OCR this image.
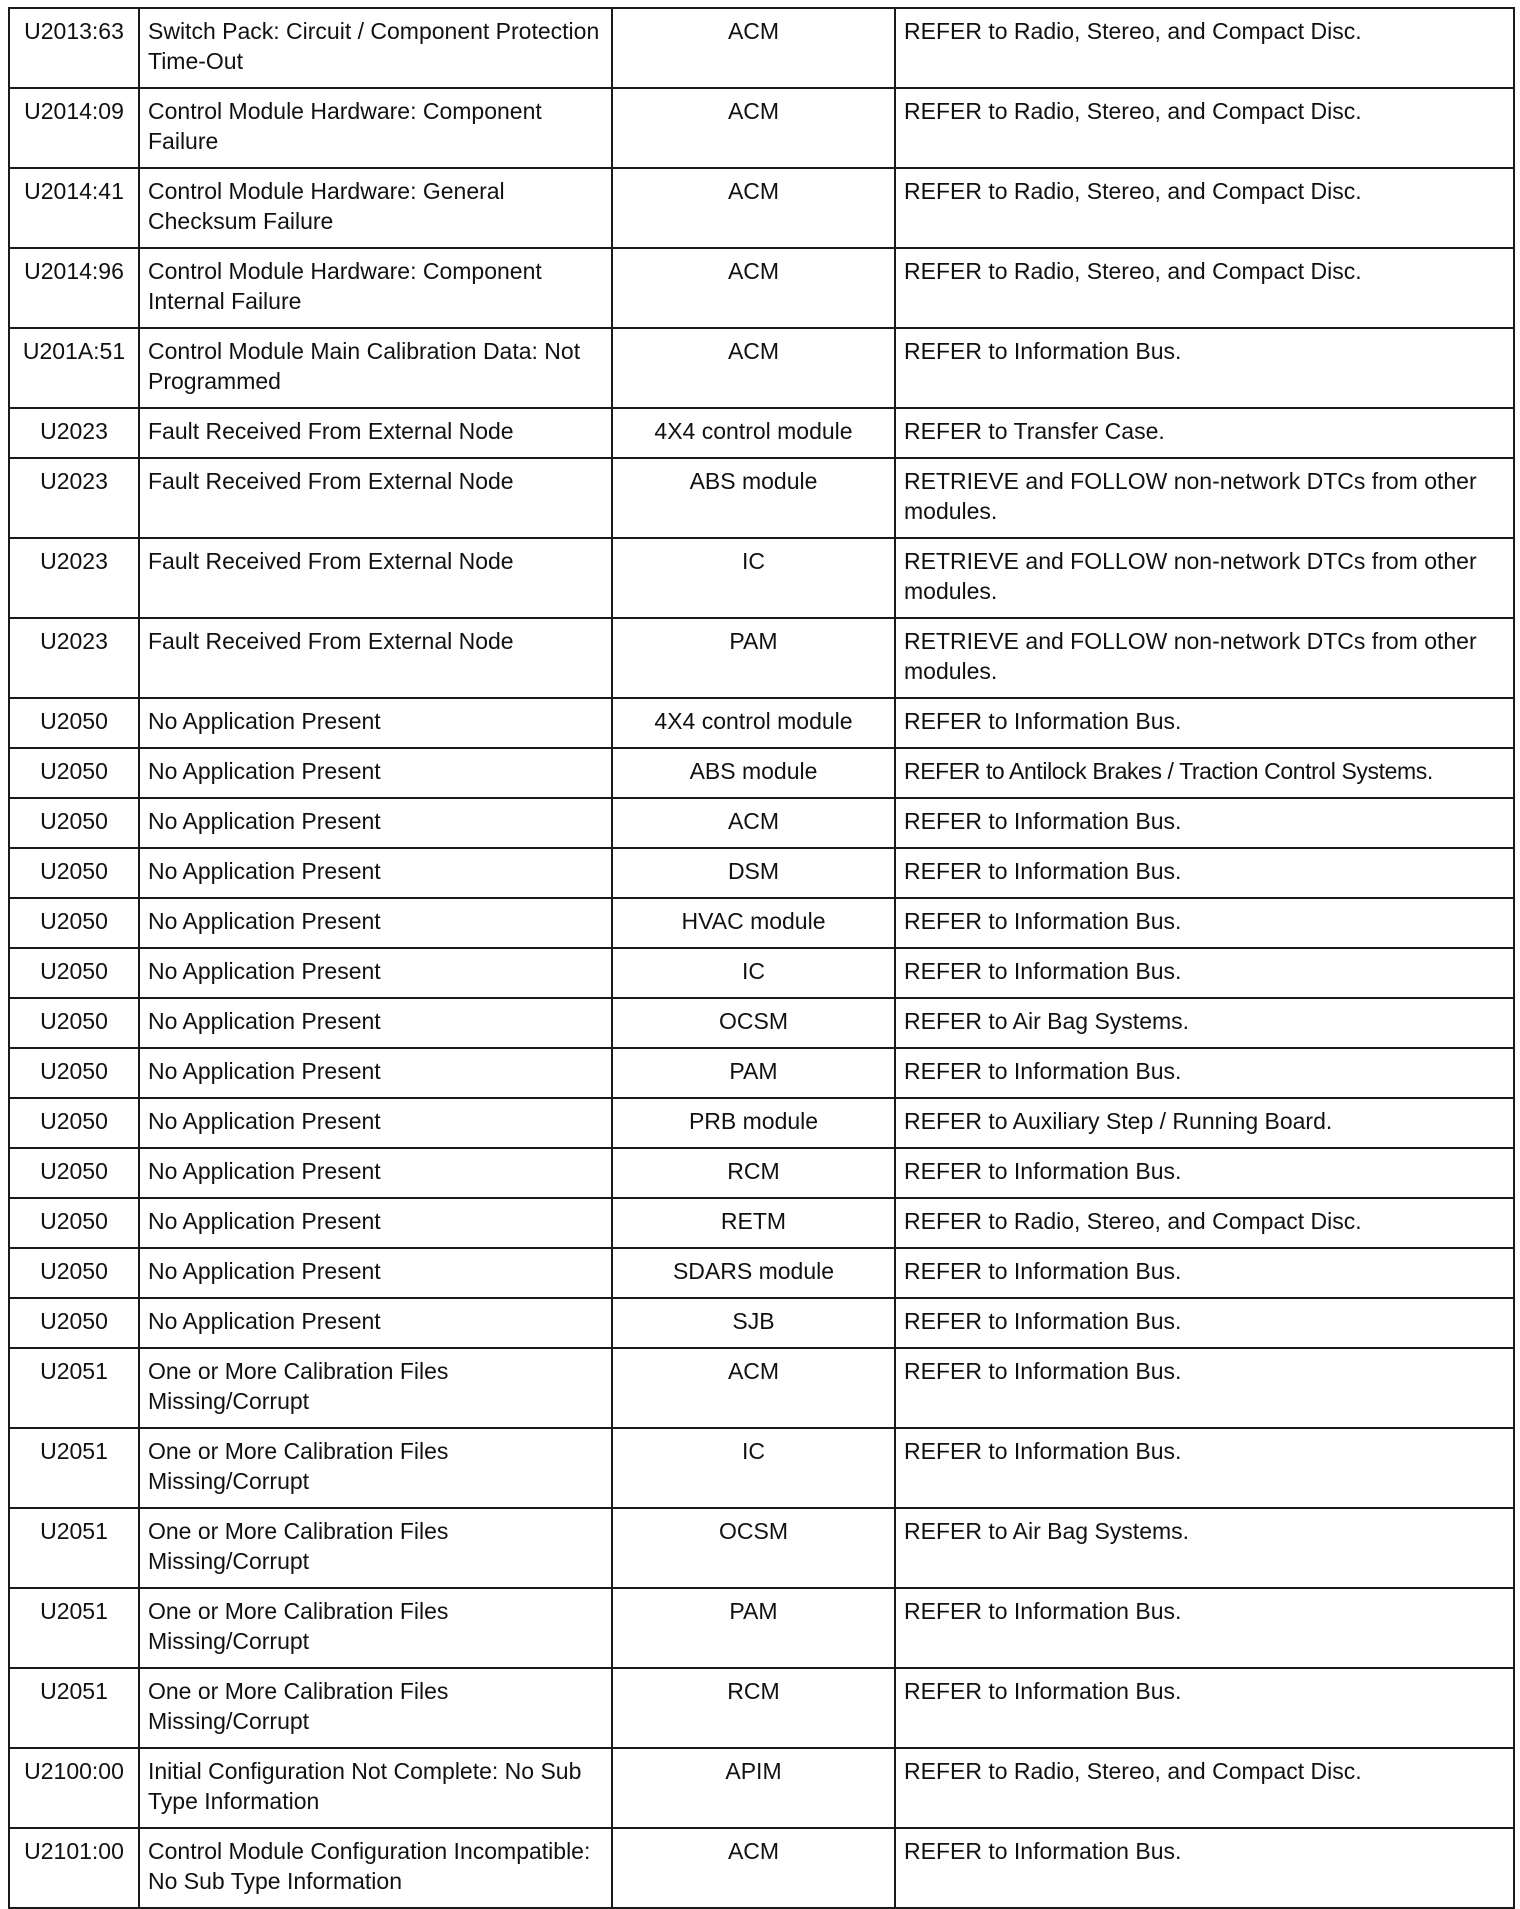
U2013:63	Switch Pack: Circuit / Component Protection Time-Out	ACM	REFER to Radio, Stereo, and Compact Disc.
U2014:09	Control Module Hardware: Component Failure	ACM	REFER to Radio, Stereo, and Compact Disc.
U2014:41	Control Module Hardware: General Checksum Failure	ACM	REFER to Radio, Stereo, and Compact Disc.
U2014:96	Control Module Hardware: Component Internal Failure	ACM	REFER to Radio, Stereo, and Compact Disc.
U201A:51	Control Module Main Calibration Data: Not Programmed	ACM	REFER to Information Bus.
U2023	Fault Received From External Node	4X4 control module	REFER to Transfer Case.
U2023	Fault Received From External Node	ABS module	RETRIEVE and FOLLOW non-network DTCs from other modules.
U2023	Fault Received From External Node	IC	RETRIEVE and FOLLOW non-network DTCs from other modules.
U2023	Fault Received From External Node	PAM	RETRIEVE and FOLLOW non-network DTCs from other modules.
U2050	No Application Present	4X4 control module	REFER to Information Bus.
U2050	No Application Present	ABS module	REFER to Antilock Brakes / Traction Control Systems.
U2050	No Application Present	ACM	REFER to Information Bus.
U2050	No Application Present	DSM	REFER to Information Bus.
U2050	No Application Present	HVAC module	REFER to Information Bus.
U2050	No Application Present	IC	REFER to Information Bus.
U2050	No Application Present	OCSM	REFER to Air Bag Systems.
U2050	No Application Present	PAM	REFER to Information Bus.
U2050	No Application Present	PRB module	REFER to Auxiliary Step / Running Board.
U2050	No Application Present	RCM	REFER to Information Bus.
U2050	No Application Present	RETM	REFER to Radio, Stereo, and Compact Disc.
U2050	No Application Present	SDARS module	REFER to Information Bus.
U2050	No Application Present	SJB	REFER to Information Bus.
U2051	One or More Calibration Files Missing/Corrupt	ACM	REFER to Information Bus.
U2051	One or More Calibration Files Missing/Corrupt	IC	REFER to Information Bus.
U2051	One or More Calibration Files Missing/Corrupt	OCSM	REFER to Air Bag Systems.
U2051	One or More Calibration Files Missing/Corrupt	PAM	REFER to Information Bus.
U2051	One or More Calibration Files Missing/Corrupt	RCM	REFER to Information Bus.
U2100:00	Initial Configuration Not Complete: No Sub Type Information	APIM	REFER to Radio, Stereo, and Compact Disc.
U2101:00	Control Module Configuration Incompatible: No Sub Type Information	ACM	REFER to Information Bus.
